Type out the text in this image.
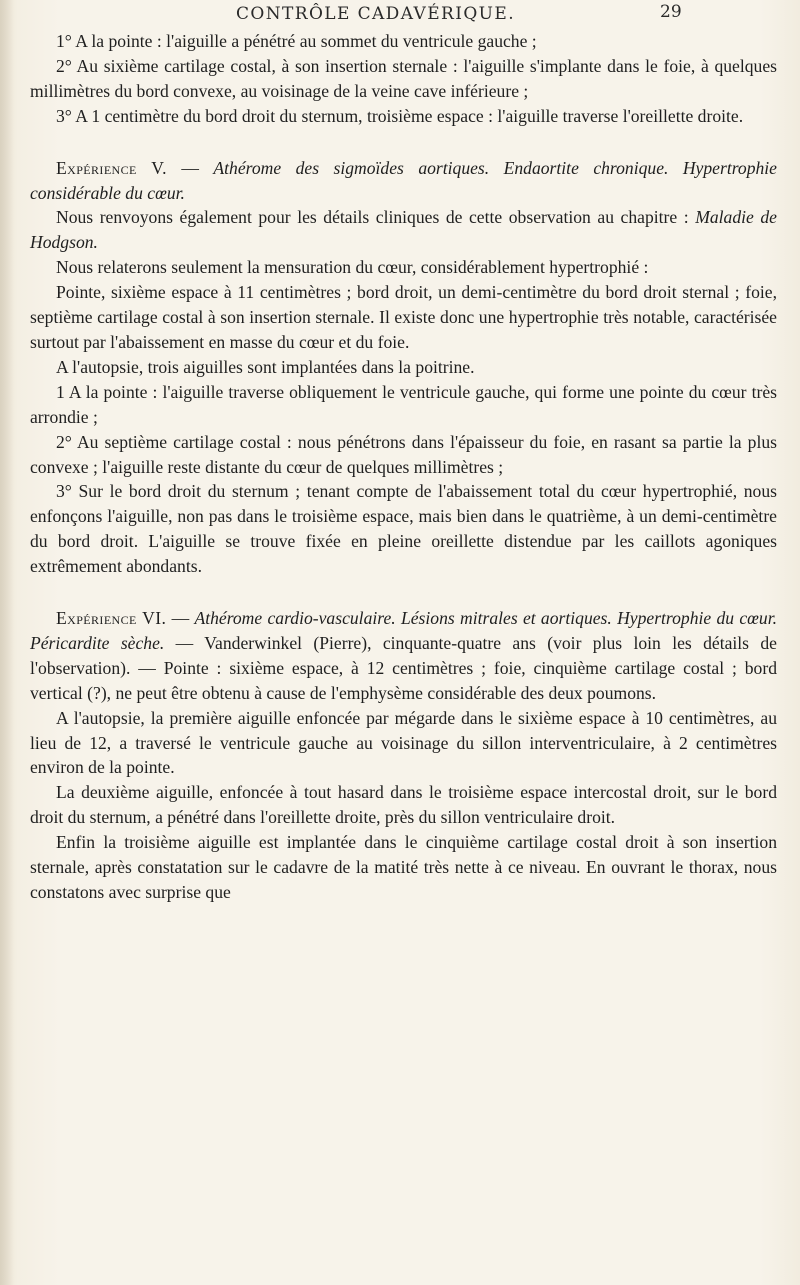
CONTRÔLE CADAVÉRIQUE.	29

1° A la pointe : l'aiguille a pénétré au sommet du ventricule gauche ;

2° Au sixième cartilage costal, à son insertion sternale : l'aiguille s'implante dans le foie, à quelques millimètres du bord convexe, au voisinage de la veine cave inférieure ;

3° A 1 centimètre du bord droit du sternum, troisième espace : l'aiguille traverse l'oreillette droite.

Expérience V. — Athérome des sigmoïdes aortiques. Endaortite chronique. Hypertrophie considérable du cœur.

Nous renvoyons également pour les détails cliniques de cette observation au chapitre : Maladie de Hodgson.

Nous relaterons seulement la mensuration du cœur, considérablement hypertrophié :

Pointe, sixième espace à 11 centimètres ; bord droit, un demi-centimètre du bord droit sternal ; foie, septième cartilage costal à son insertion sternale. Il existe donc une hypertrophie très notable, caractérisée surtout par l'abaissement en masse du cœur et du foie.

A l'autopsie, trois aiguilles sont implantées dans la poitrine.

1 A la pointe : l'aiguille traverse obliquement le ventricule gauche, qui forme une pointe du cœur très arrondie ;

2° Au septième cartilage costal : nous pénétrons dans l'épaisseur du foie, en rasant sa partie la plus convexe ; l'aiguille reste distante du cœur de quelques millimètres ;

3° Sur le bord droit du sternum ; tenant compte de l'abaissement total du cœur hypertrophié, nous enfonçons l'aiguille, non pas dans le troisième espace, mais bien dans le quatrième, à un demi-centimètre du bord droit. L'aiguille se trouve fixée en pleine oreillette distendue par les caillots agoniques extrêmement abondants.

Expérience VI. — Athérome cardio-vasculaire. Lésions mitrales et aortiques. Hypertrophie du cœur. Péricardite sèche. — Vanderwinkel (Pierre), cinquante-quatre ans (voir plus loin les détails de l'observation). — Pointe : sixième espace, à 12 centimètres ; foie, cinquième cartilage costal ; bord vertical (?), ne peut être obtenu à cause de l'emphysème considérable des deux poumons.

A l'autopsie, la première aiguille enfoncée par mégarde dans le sixième espace à 10 centimètres, au lieu de 12, a traversé le ventricule gauche au voisinage du sillon interventriculaire, à 2 centimètres environ de la pointe.

La deuxième aiguille, enfoncée à tout hasard dans le troisième espace intercostal droit, sur le bord droit du sternum, a pénétré dans l'oreillette droite, près du sillon ventriculaire droit.

Enfin la troisième aiguille est implantée dans le cinquième cartilage costal droit à son insertion sternale, après constatation sur le cadavre de la matité très nette à ce niveau. En ouvrant le thorax, nous constatons avec surprise que
